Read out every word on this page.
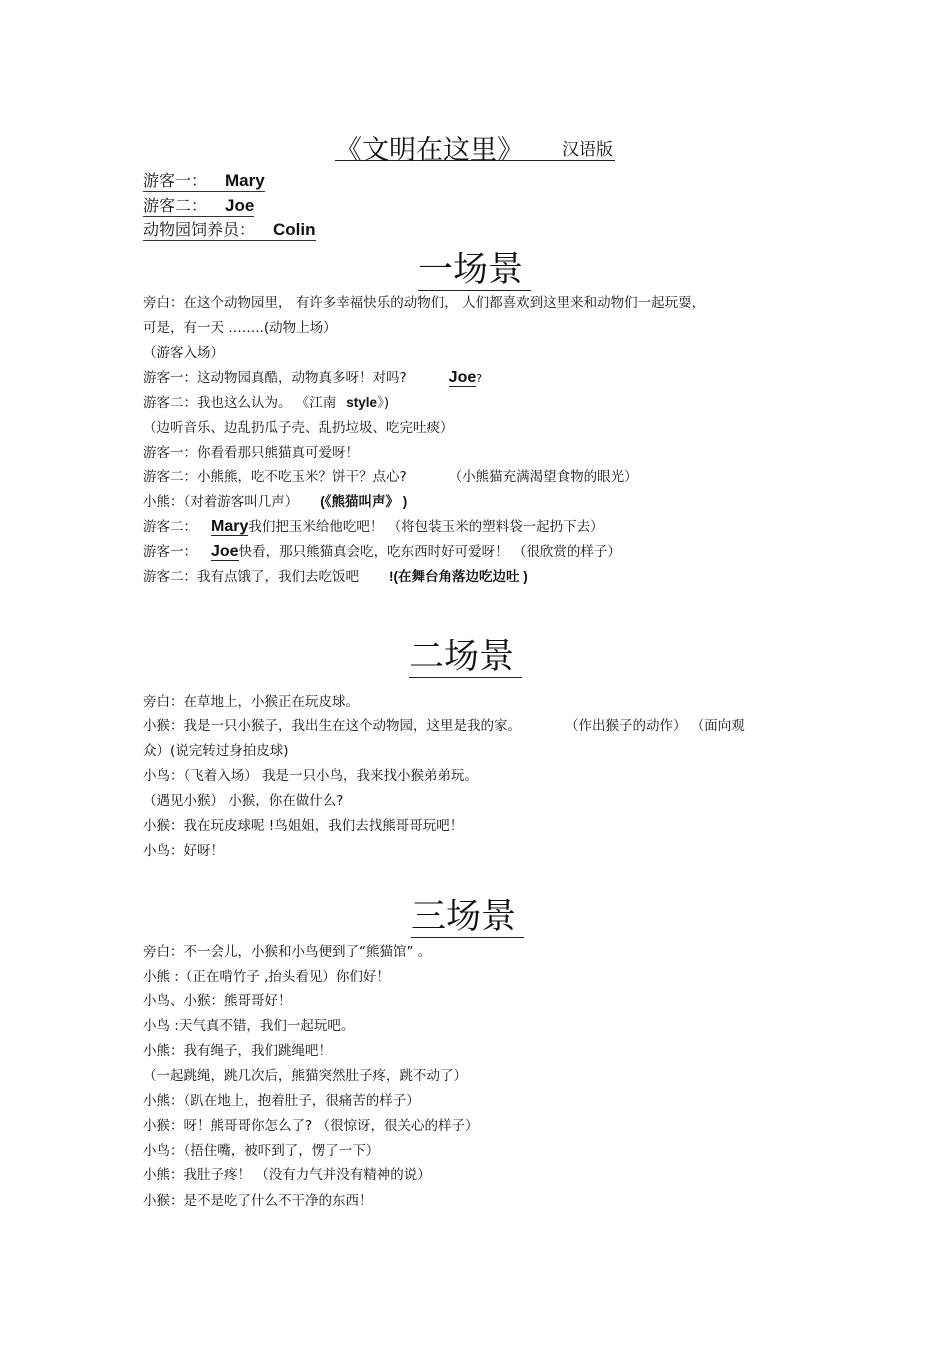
《文明在这里》 汉语版
游客一： Mary
游客二： Joe
动物园饲养员： Colin
一场景
旁白：在这个动物园里， 有许多幸福快乐的动物们， 人们都喜欢到这里来和动物们一起玩耍，
可是，有一天 ……..(动物上场）
（游客入场）
游客一：这动物园真酷，动物真多呀！对吗?	Joe?
游客二：我也这么认为。 《江南 style》)
（边听音乐、边乱扔瓜子壳、乱扔垃圾、吃完吐痰）
游客一：你看看那只熊猫真可爱呀！
游客二：小熊熊，吃不吃玉米？饼干？点心?	（小熊猫充满渴望食物的眼光）
小熊：（对着游客叫几声） (《熊猫叫声》 )
游客二： Mary我们把玉米给他吃吧！ （将包装玉米的塑料袋一起扔下去）
游客一： Joe快看，那只熊猫真会吃，吃东西时好可爱呀！ （很欣赏的样子）
游客二：我有点饿了，我们去吃饭吧 !(在舞台角落边吃边吐 )
二场景
旁白：在草地上，小猴正在玩皮球。
小猴：我是一只小猴子，我出生在这个动物园，这里是我的家。	（作出猴子的动作） （面向观
众）(说完转过身拍皮球)
小鸟：（飞着入场） 我是一只小鸟，我来找小猴弟弟玩。
（遇见小猴） 小猴，你在做什么?
小猴：我在玩皮球呢 !鸟姐姐，我们去找熊哥哥玩吧！
小鸟：好呀！
三场景
旁白：不一会儿，小猴和小鸟便到了“熊猫馆” 。
小熊 :（正在啃竹子 ,抬头看见）你们好！
小鸟、小猴：熊哥哥好！
小鸟 :天气真不错，我们一起玩吧。
小熊：我有绳子，我们跳绳吧！
（一起跳绳，跳几次后，熊猫突然肚子疼，跳不动了）
小熊：（趴在地上，抱着肚子，很痛苦的样子）
小猴：呀！熊哥哥你怎么了? （很惊讶，很关心的样子）
小鸟：（捂住嘴，被吓到了，愣了一下）
小熊：我肚子疼！ （没有力气并没有精神的说）
小猴：是不是吃了什么不干净的东西！
